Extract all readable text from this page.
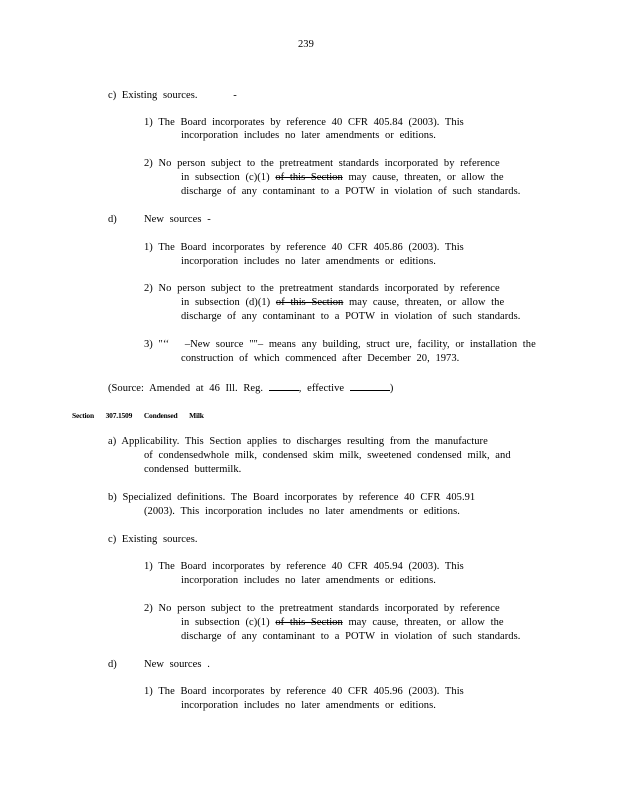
239
c) Existing sources.	-
1) The Board incorporates by reference 40 CFR 405.84 (2003). This
incorporation includes no later amendments or editions.
2) No person subject to the pretreatment standards incorporated by reference
in subsection (c)(1) of this Section may cause, threaten, or allow the
discharge of any contaminant to a POTW in violation of such standards.
d)	New sources -
1) The Board incorporates by reference 40 CFR 405.86 (2003). This
incorporation includes no later amendments or editions.
2) No person subject to the pretreatment standards incorporated by reference
in subsection (d)(1) of this Section may cause, threaten, or allow the
discharge of any contaminant to a POTW in violation of such standards.
3) "‘‘ –New source ""– means any building, struct ure, facility, or installation the
construction of which commenced after December 20, 1973.
(Source: Amended at 46 Ill. Reg.	, effective	)
Section 307.1509 Condensed Milk
a) Applicability. This Section applies to discharges resulting from the manufacture
of condensedwhole milk, condensed skim milk, sweetened condensed milk, and
condensed buttermilk.
b) Specialized definitions. The Board incorporates by reference 40 CFR 405.91
(2003). This incorporation includes no later amendments or editions.
c) Existing sources.
1) The Board incorporates by reference 40 CFR 405.94 (2003). This
incorporation includes no later amendments or editions.
2) No person subject to the pretreatment standards incorporated by reference
in subsection (c)(1) of this Section may cause, threaten, or allow the
discharge of any contaminant to a POTW in violation of such standards.
d)	New sources .
1) The Board incorporates by reference 40 CFR 405.96 (2003). This
incorporation includes no later amendments or editions.
